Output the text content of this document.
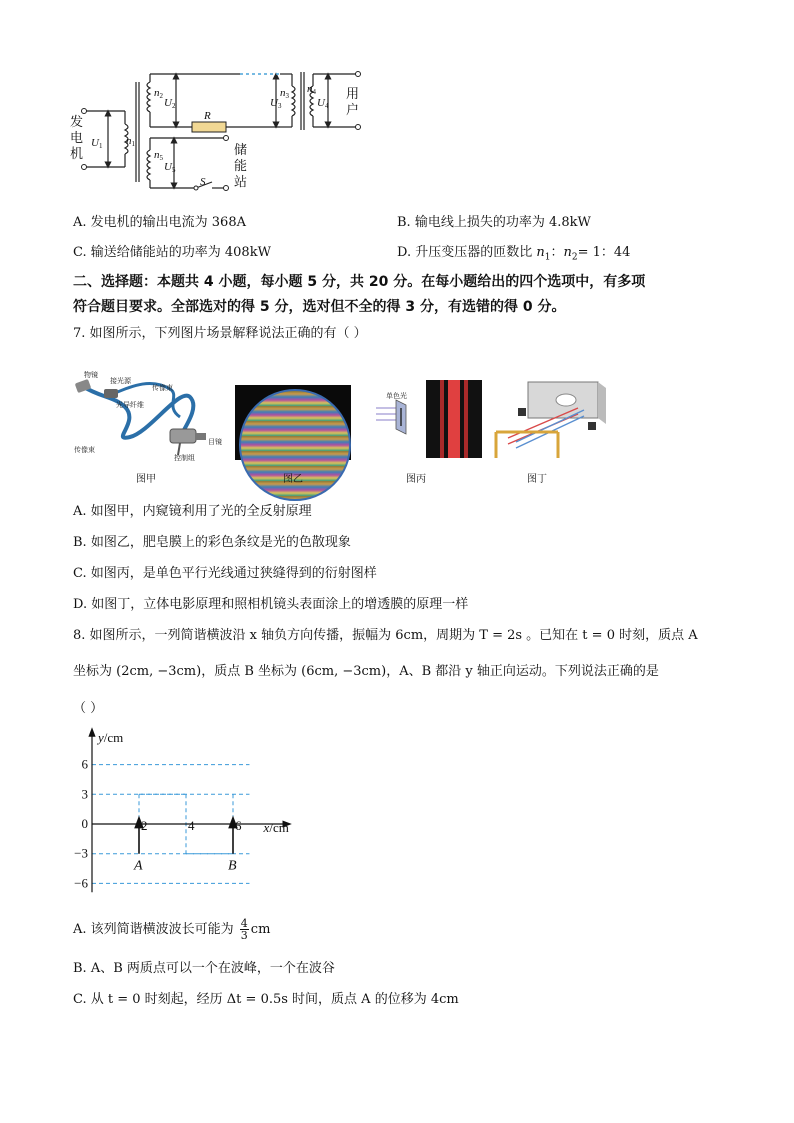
n2
U2	U3
n3
n4
U4
n1
U1
n5
U5
R
S
发
电
机
用
户
储
能
站
A. 发电机的输出电流为 368A	B. 输电线上损失的功率为 4.8kW
C. 输送给储能站的功率为 408kW	D. 升压变压器的匝数比 $n_1$：$n_2= 1$：44
二、选择题：本题共 4 小题，每小题 5 分，共 20 分。在每小题给出的四个选项中，有多项
符合题目要求。全部选对的得 5 分，选对但不全的得 3 分，有选错的得 0 分。
7. 如图所示，下列图片场景解释说法正确的有（ ）
物镜
接光源
传像束
光导纤维
传像束
目镜
控制组
图甲	图乙
单色光
图丙	图丁
A. 如图甲，内窥镜利用了光的全反射原理
B. 如图乙，肥皂膜上的彩色条纹是光的色散现象
C. 如图丙，是单色平行光线通过狭缝得到的衍射图样
D. 如图丁，立体电影原理和照相机镜头表面涂上的增透膜的原理一样
8. 如图所示，一列简谐横波沿 x 轴负方向传播，振幅为 6cm，周期为 T = 2s 。已知在 t = 0 时刻，质点 A
坐标为 (2cm, −3cm)，质点 B 坐标为 (6cm, −3cm)，A、B 都沿 y 轴正向运动。下列说法正确的是
（ ）
y/cm
x/cm
6
3
0
−3
−6
2	4	6
A	B
A. 该列简谐横波波长可能为 $\frac{4}{3}$ cm
B. A、B 两质点可以一个在波峰，一个在波谷
C. 从 t = 0 时刻起，经历 Δt = 0.5s 时间，质点 A 的位移为 4cm
